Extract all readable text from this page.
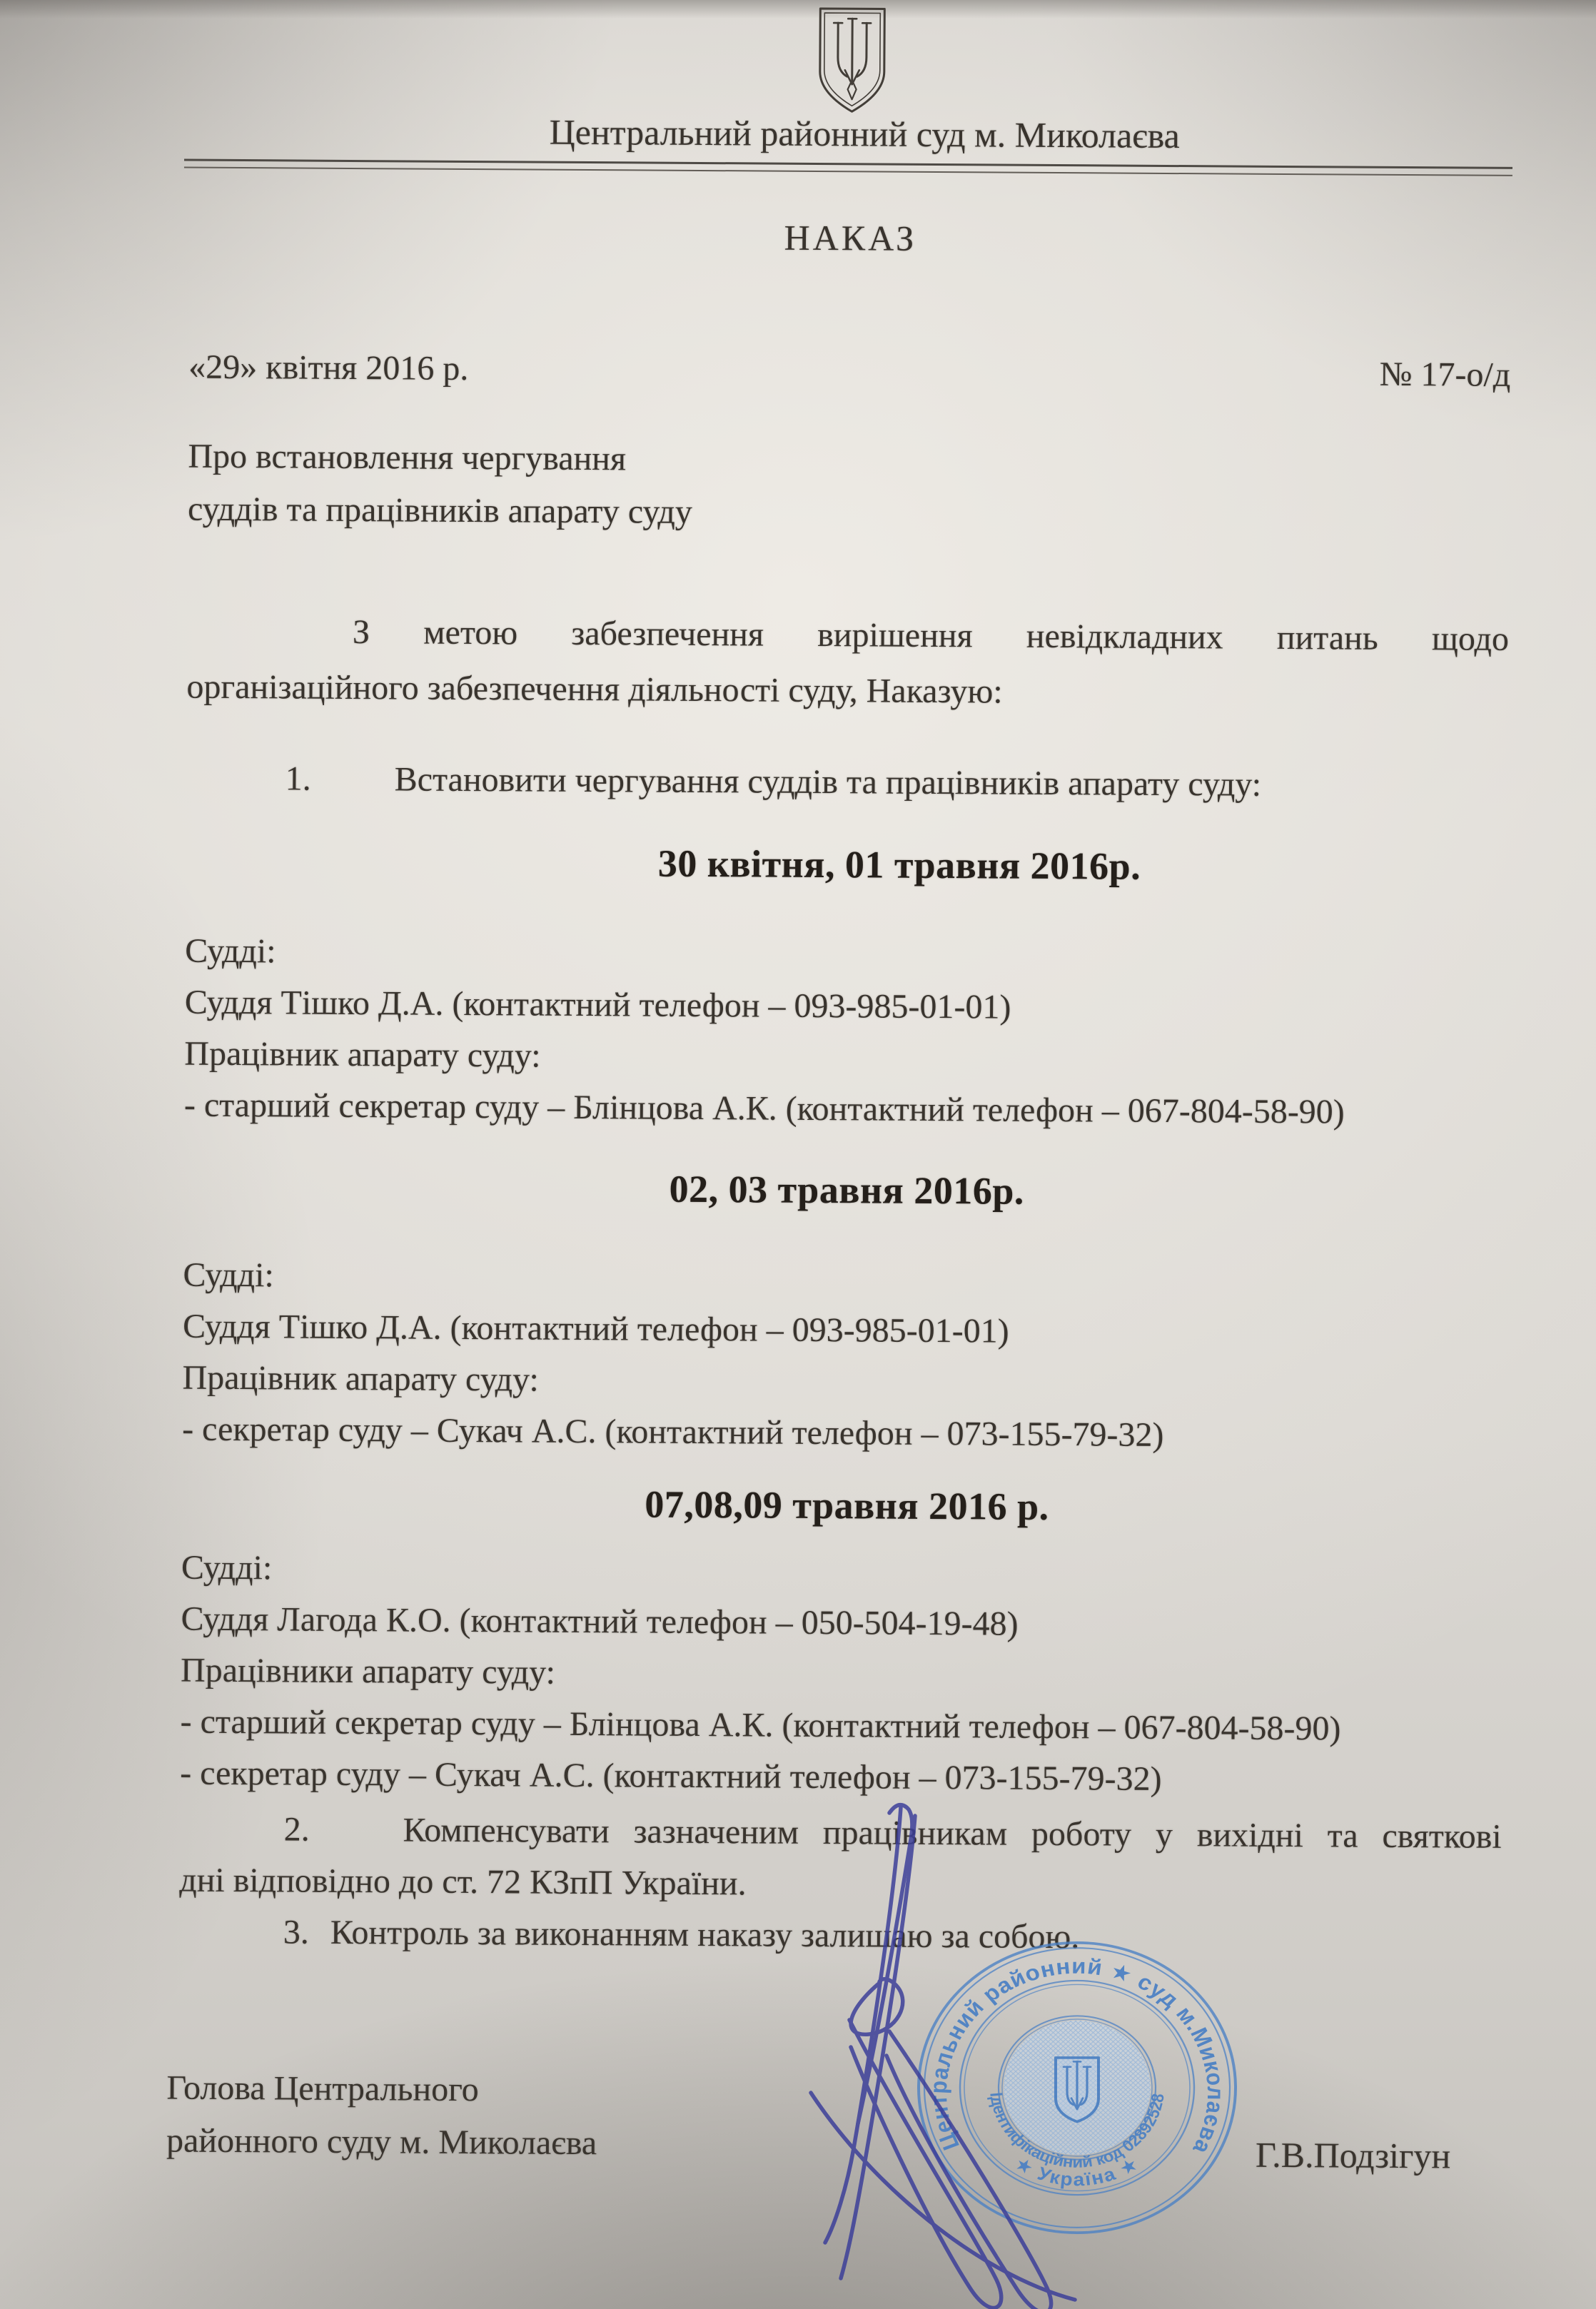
Центральний районний суд м. Миколаєва
НАКАЗ
«29» квітня 2016 р.	№ 17-о/д
Про встановлення чергування
суддів та працівників апарату суду
З метою забезпечення вирішення невідкладних питань щодо
організаційного забезпечення діяльності суду, Наказую:
1. Встановити чергування суддів та працівників апарату суду:
30 квітня, 01 травня 2016р.
Судді:
Суддя Тішко Д.А. (контактний телефон – 093-985-01-01)
Працівник апарату суду:
- старший секретар суду – Блінцова А.К. (контактний телефон – 067-804-58-90)
02, 03 травня 2016р.
Судді:
Суддя Тішко Д.А. (контактний телефон – 093-985-01-01)
Працівник апарату суду:
- секретар суду – Сукач А.С. (контактний телефон – 073-155-79-32)
07,08,09 травня 2016 р.
Судді:
Суддя Лагода К.О. (контактний телефон – 050-504-19-48)
Працівники апарату суду:
- старший секретар суду – Блінцова А.К. (контактний телефон – 067-804-58-90)
- секретар суду – Сукач А.С. (контактний телефон – 073-155-79-32)
2.	Компенсувати зазначеним працівникам роботу у вихідні та святкові
дні відповідно до ст. 72 КЗпП України.
3. Контроль за виконанням наказу залишаю за собою.
Голова Центрального
районного суду м. Миколаєва	Г.В.Подзігун
Центральний районний ★ суд м.Миколаєва
Ідентифікаційний код 02892528
★ Україна ★
